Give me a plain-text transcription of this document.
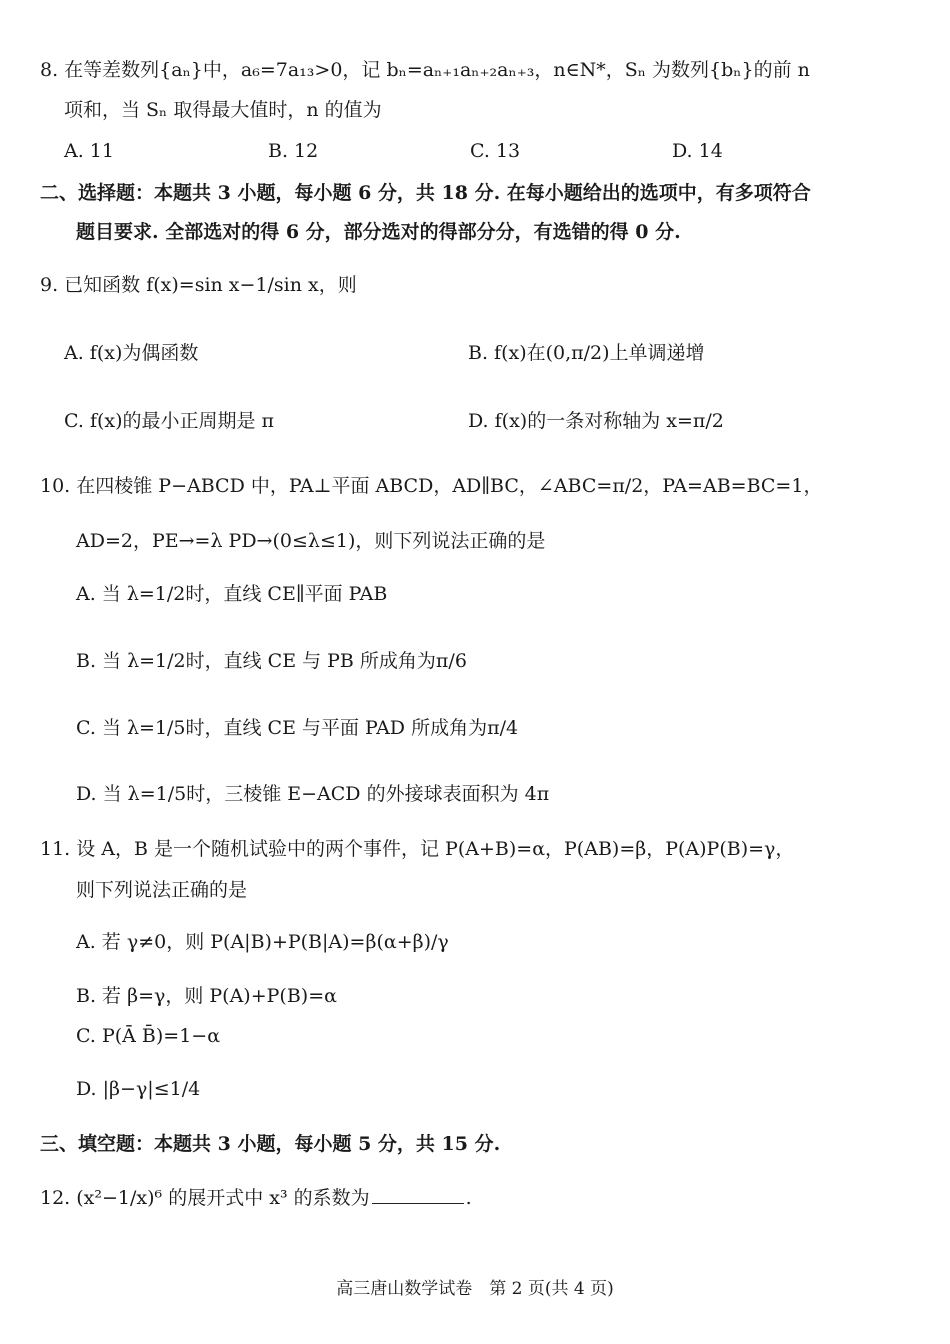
8. 在等差数列{aₙ}中，a₆=7a₁₃>0，记 bₙ=aₙ₊₁aₙ₊₂aₙ₊₃，n∈N*，Sₙ 为数列{bₙ}的前 n
项和，当 Sₙ 取得最大值时，n 的值为
A. 11	B. 12	C. 13	D. 14
二、选择题：本题共 3 小题，每小题 6 分，共 18 分. 在每小题给出的选项中，有多项符合
题目要求. 全部选对的得 6 分，部分选对的得部分分，有选错的得 0 分.
9. 已知函数 f(x)=sin x−1/sin x，则
A. f(x)为偶函数	B. f(x)在(0,π/2)上单调递增
C. f(x)的最小正周期是 π	D. f(x)的一条对称轴为 x=π/2
10. 在四棱锥 P−ABCD 中，PA⊥平面 ABCD，AD∥BC，∠ABC=π/2，PA=AB=BC=1，
AD=2，PE→=λ PD→(0≤λ≤1)，则下列说法正确的是
A. 当 λ=1/2时，直线 CE∥平面 PAB
B. 当 λ=1/2时，直线 CE 与 PB 所成角为π/6
C. 当 λ=1/5时，直线 CE 与平面 PAD 所成角为π/4
D. 当 λ=1/5时，三棱锥 E−ACD 的外接球表面积为 4π
11. 设 A，B 是一个随机试验中的两个事件，记 P(A+B)=α，P(AB)=β，P(A)P(B)=γ，
则下列说法正确的是
A. 若 γ≠0，则 P(A|B)+P(B|A)=β(α+β)/γ
B. 若 β=γ，则 P(A)+P(B)=α
C. P(Ā B̄)=1−α
D. |β−γ|≤1/4
三、填空题：本题共 3 小题，每小题 5 分，共 15 分.
12. (x²−1/x)⁶ 的展开式中 x³ 的系数为	.
高三唐山数学试卷　第 2 页(共 4 页)
